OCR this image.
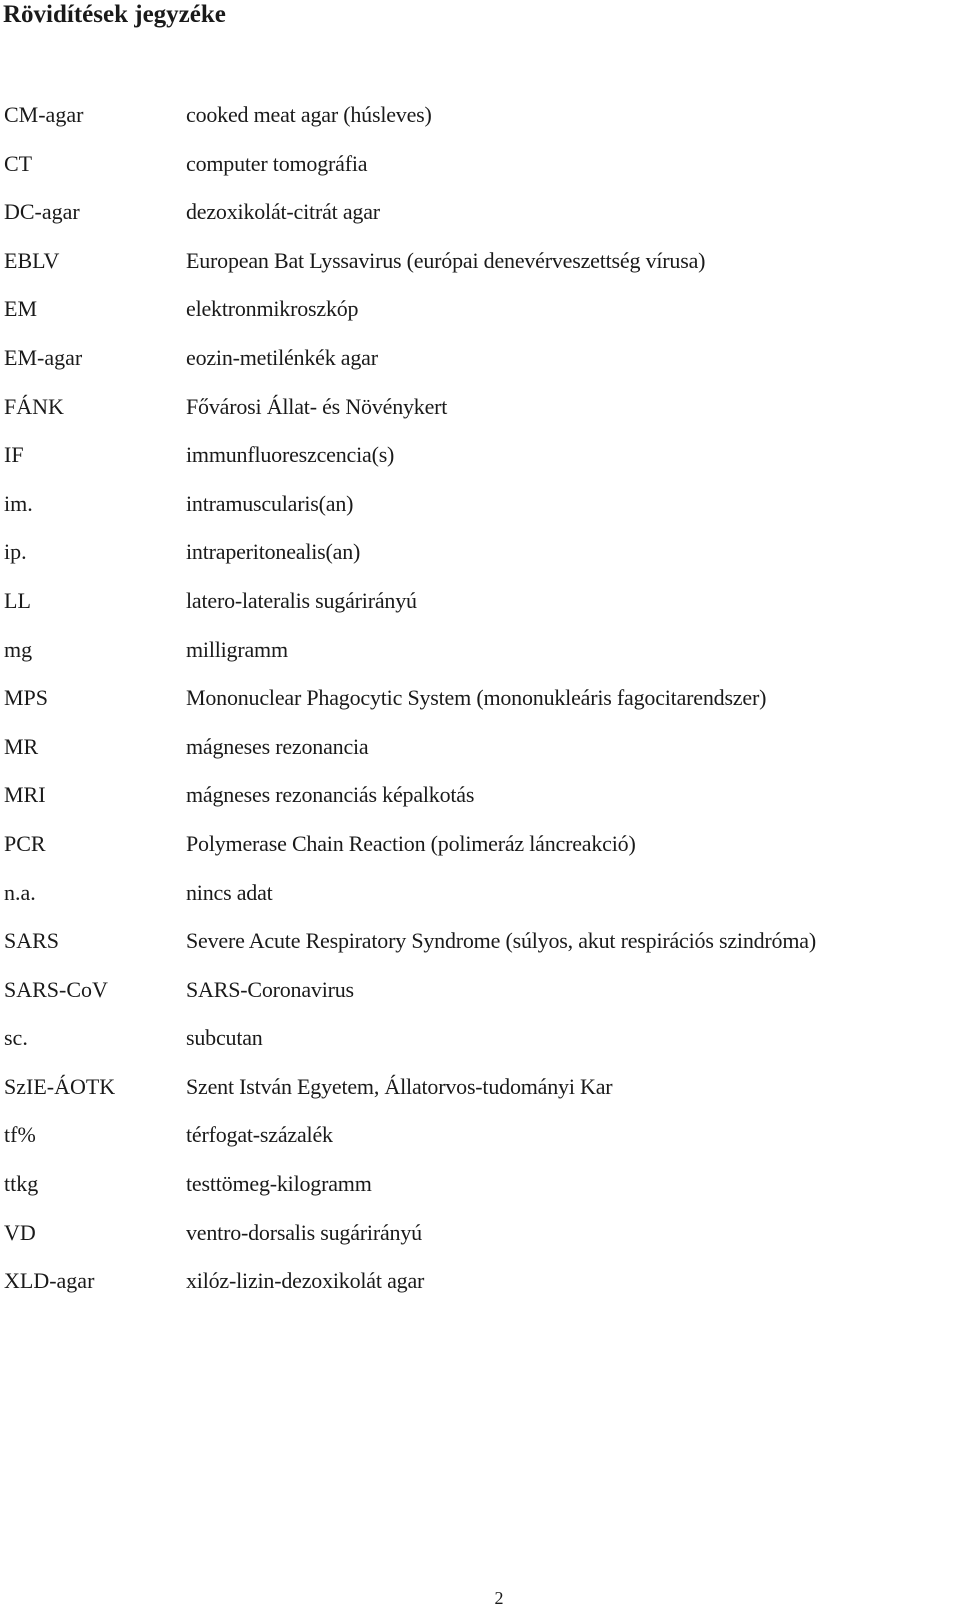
Rövidítések jegyzéke
CM-agar	cooked meat agar (húsleves)
CT	computer tomográfia
DC-agar	dezoxikolát-citrát agar
EBLV	European Bat Lyssavirus (európai denevérveszettség vírusa)
EM	elektronmikroszkóp
EM-agar	eozin-metilénkék agar
FÁNK	Fővárosi Állat- és Növénykert
IF	immunfluoreszcencia(s)
im.	intramuscularis(an)
ip.	intraperitonealis(an)
LL	latero-lateralis sugárirányú
mg	milligramm
MPS	Mononuclear Phagocytic System (mononukleáris fagocitarendszer)
MR	mágneses rezonancia
MRI	mágneses rezonanciás képalkotás
PCR	Polymerase Chain Reaction (polimeráz láncreakció)
n.a.	nincs adat
SARS	Severe Acute Respiratory Syndrome (súlyos, akut respirációs szindróma)
SARS-CoV	SARS-Coronavirus
sc.	subcutan
SzIE-ÁOTK	Szent István Egyetem, Állatorvos-tudományi Kar
tf%	térfogat-százalék
ttkg	testtömeg-kilogramm
VD	ventro-dorsalis sugárirányú
XLD-agar	xilóz-lizin-dezoxikolát agar
2
